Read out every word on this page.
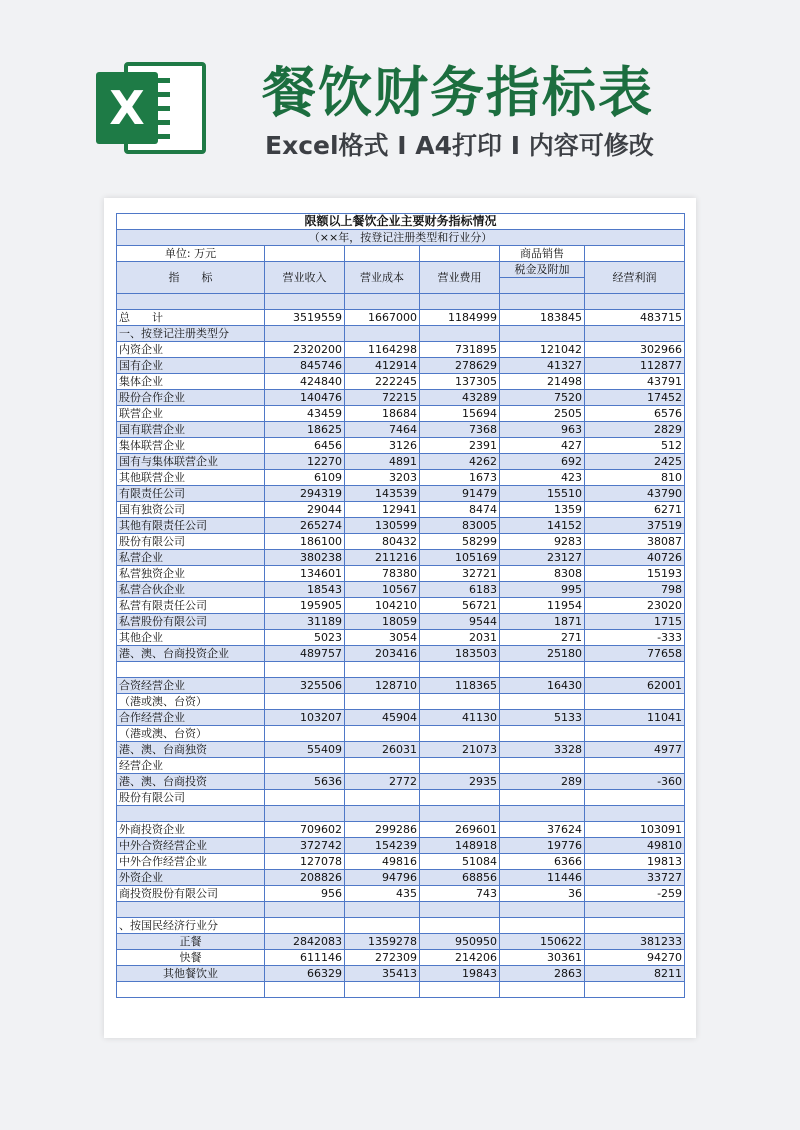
X 餐饮财务指标表
Excel格式 I A4打印 I 内容可修改
限额以上餐饮企业主要财务指标情况					
（××年，按登记注册类型和行业分）					
单位: 万元				商品销售	
指　　标	营业收入	营业成本	营业费用	税金及附加	经营利润

总　　计	3519559	1667000	1184999	183845	483715
一、按登记注册类型分					
内资企业	2320200	1164298	731895	121042	302966
国有企业	845746	412914	278629	41327	112877
集体企业	424840	222245	137305	21498	43791
股份合作企业	140476	72215	43289	7520	17452
联营企业	43459	18684	15694	2505	6576
国有联营企业	18625	7464	7368	963	2829
集体联营企业	6456	3126	2391	427	512
国有与集体联营企业	12270	4891	4262	692	2425
其他联营企业	6109	3203	1673	423	810
有限责任公司	294319	143539	91479	15510	43790
国有独资公司	29044	12941	8474	1359	6271
其他有限责任公司	265274	130599	83005	14152	37519
股份有限公司	186100	80432	58299	9283	38087
私营企业	380238	211216	105169	23127	40726
私营独资企业	134601	78380	32721	8308	15193
私营合伙企业	18543	10567	6183	995	798
私营有限责任公司	195905	104210	56721	11954	23020
私营股份有限公司	31189	18059	9544	1871	1715
其他企业	5023	3054	2031	271	-333
港、澳、台商投资企业	489757	203416	183503	25180	77658

合资经营企业	325506	128710	118365	16430	62001
（港或澳、台资）					
合作经营企业	103207	45904	41130	5133	11041
（港或澳、台资）					
港、澳、台商独资	55409	26031	21073	3328	4977
经营企业					
港、澳、台商投资	5636	2772	2935	289	-360
股份有限公司					

外商投资企业	709602	299286	269601	37624	103091
中外合资经营企业	372742	154239	148918	19776	49810
中外合作经营企业	127078	49816	51084	6366	19813
外资企业	208826	94796	68856	11446	33727
商投资股份有限公司	956	435	743	36	-259

、按国民经济行业分					
正餐	2842083	1359278	950950	150622	381233
快餐	611146	272309	214206	30361	94270
其他餐饮业	66329	35413	19843	2863	8211
